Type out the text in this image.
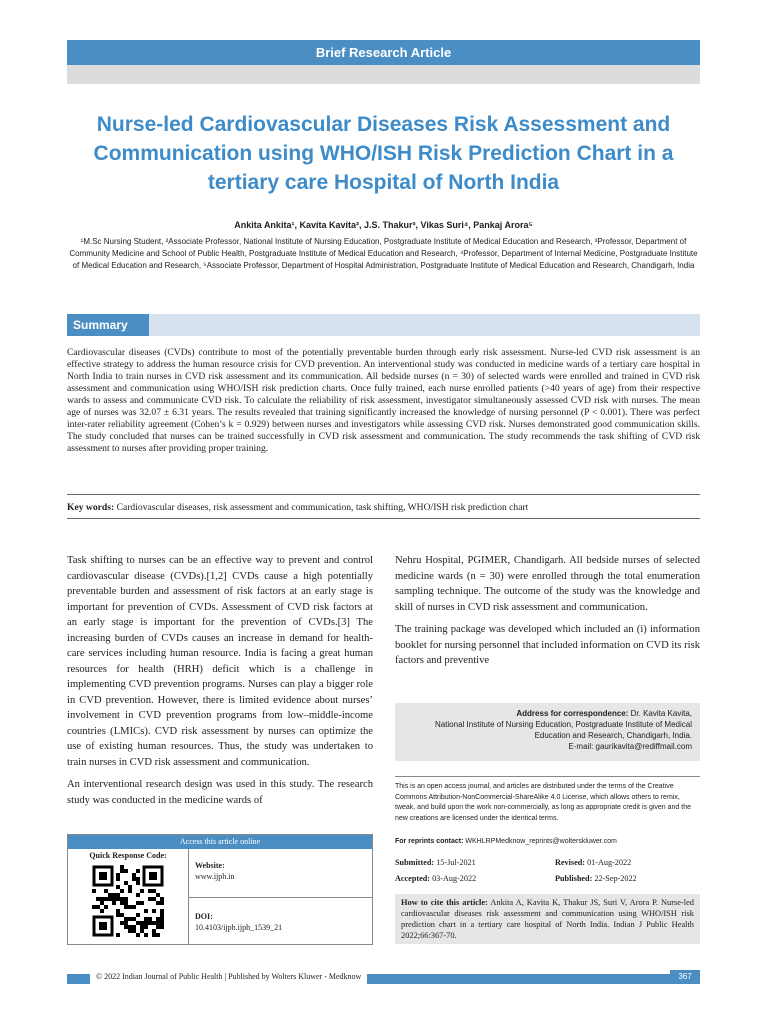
Brief Research Article
Nurse-led Cardiovascular Diseases Risk Assessment and Communication using WHO/ISH Risk Prediction Chart in a tertiary care Hospital of North India
Ankita Ankita¹, Kavita Kavita², J.S. Thakur³, Vikas Suri⁴, Pankaj Arora⁵
¹M.Sc Nursing Student, ²Associate Professor, National Institute of Nursing Education, Postgraduate Institute of Medical Education and Research, ³Professor, Department of Community Medicine and School of Public Health, Postgraduate Institute of Medical Education and Research, ⁴Professor, Department of Internal Medicine, Postgraduate Institute of Medical Education and Research, ⁵Associate Professor, Department of Hospital Administration, Postgraduate Institute of Medical Education and Research, Chandigarh, India
Summary
Cardiovascular diseases (CVDs) contribute to most of the potentially preventable burden through early risk assessment. Nurse-led CVD risk assessment is an effective strategy to address the human resource crisis for CVD prevention. An interventional study was conducted in medicine wards of a tertiary care hospital in North India to train nurses in CVD risk assessment and its communication. All bedside nurses (n = 30) of selected wards were enrolled and trained in CVD risk assessment and communication using WHO/ISH risk prediction charts. Once fully trained, each nurse enrolled patients (>40 years of age) from their respective wards to assess and communicate CVD risk. To calculate the reliability of risk assessment, investigator simultaneously assessed CVD risk with nurses. The mean age of nurses was 32.07 ± 6.31 years. The results revealed that training significantly increased the knowledge of nursing personnel (P < 0.001). There was perfect inter-rater reliability agreement (Cohen’s k = 0.929) between nurses and investigators while assessing CVD risk. Nurses demonstrated good communication skills. The study concluded that nurses can be trained successfully in CVD risk assessment and communication. The study recommends the task shifting of CVD risk assessment to nurses after providing proper training.
Key words: Cardiovascular diseases, risk assessment and communication, task shifting, WHO/ISH risk prediction chart

Task shifting to nurses can be an effective way to prevent and control cardiovascular disease (CVDs).[1,2] CVDs cause a high potentially preventable burden and assessment of risk factors at an early stage is important for prevention of CVDs. Assessment of CVD risk factors at an early stage is important for the prevention of CVDs.[3] The increasing burden of CVDs causes an increase in demand for health-care services including human resource. India is facing a great human resources for health (HRH) deficit which is a challenge in implementing CVD prevention programs. Nurses can play a bigger role in CVD prevention. However, there is limited evidence about nurses’ involvement in CVD prevention programs from low–middle-income countries (LMICs). CVD risk assessment by nurses can optimize the use of existing human resources. Thus, the study was undertaken to train nurses in CVD risk assessment and communication.

An interventional research design was used in this study. The research study was conducted in the medicine wards of

Nehru Hospital, PGIMER, Chandigarh. All bedside nurses of selected medicine wards (n = 30) were enrolled through the total enumeration sampling technique. The outcome of the study was the knowledge and skill of nurses in CVD risk assessment and communication.

The training package was developed which included an (i) information booklet for nursing personnel that included information on CVD its risk factors and preventive

Address for correspondence: Dr. Kavita Kavita,
National Institute of Nursing Education, Postgraduate Institute of Medical
Education and Research, Chandigarh, India.
E-mail: gaurikavita@rediffmail.com
This is an open access journal, and articles are distributed under the terms of the Creative Commons Attribution-NonCommercial-ShareAlike 4.0 License, which allows others to remix, tweak, and build upon the work non-commercially, as long as appropriate credit is given and the new creations are licensed under the identical terms.
For reprints contact: WKHLRPMedknow_reprints@wolterskluwer.com
Submitted: 15-Jul-2021	Revised: 01-Aug-2022
Accepted: 03-Aug-2022	Published: 22-Sep-2022
How to cite this article: Ankita A, Kavita K, Thakur JS, Suri V, Arora P. Nurse-led cardiovascular diseases risk assessment and communication using WHO/ISH risk prediction chart in a tertiary care hospital of North India. Indian J Public Health 2022;66:367-70.
Access this article online
Quick Response Code:
Website:
www.ijph.in
DOI:
10.4103/ijph.ijph_1539_21
© 2022 Indian Journal of Public Health | Published by Wolters Kluwer - Medknow	367
